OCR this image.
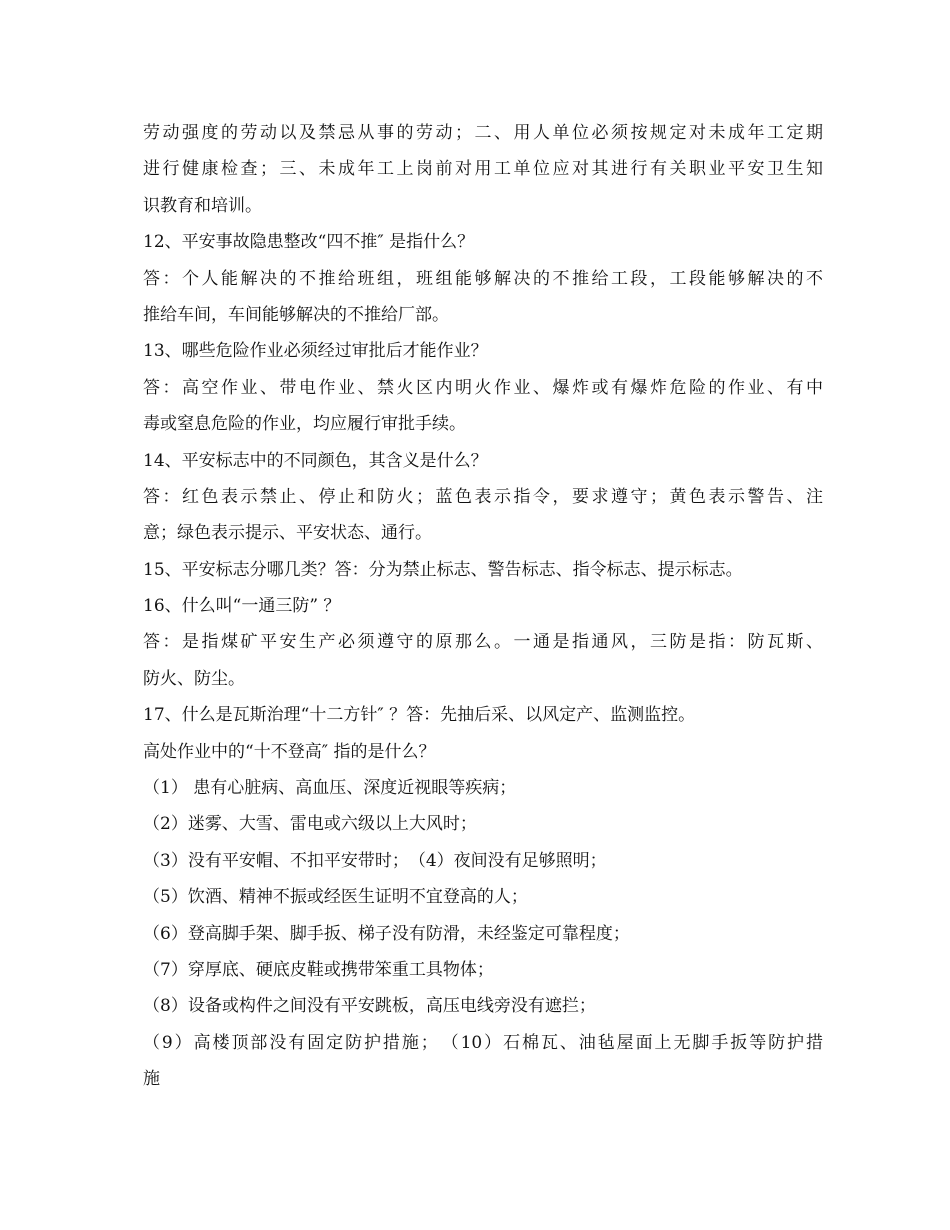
劳动强度的劳动以及禁忌从事的劳动；二、用人单位必须按规定对未成年工定期
进行健康检查；三、未成年工上岗前对用工单位应对其进行有关职业平安卫生知
识教育和培训。
12、平安事故隐患整改“四不推″ 是指什么？
答：个人能解决的不推给班组，班组能够解决的不推给工段，工段能够解决的不
推给车间，车间能够解决的不推给厂部。
13、哪些危险作业必须经过审批后才能作业？
答：高空作业、带电作业、禁火区内明火作业、爆炸或有爆炸危险的作业、有中
毒或窒息危险的作业，均应履行审批手续。
14、平安标志中的不同颜色，其含义是什么？
答：红色表示禁止、停止和防火；蓝色表示指令，要求遵守；黄色表示警告、注
意；绿色表示提示、平安状态、通行。
15、平安标志分哪几类？答：分为禁止标志、警告标志、指令标志、提示标志。
16、什么叫“一通三防” ？
答：是指煤矿平安生产必须遵守的原那么。一通是指通风，三防是指：防瓦斯、
防火、防尘。
17、什么是瓦斯治理“十二方针″ ？答：先抽后采、以风定产、监测监控。
高处作业中的“十不登高″ 指的是什么？
（1） 患有心脏病、高血压、深度近视眼等疾病；
（2）迷雾、大雪、雷电或六级以上大风时；
（3）没有平安帽、不扣平安带时；　（4）夜间没有足够照明；
（5）饮酒、精神不振或经医生证明不宜登高的人；
（6）登高脚手架、脚手扳、梯子没有防滑，未经鉴定可靠程度；
（7）穿厚底、硬底皮鞋或携带笨重工具物体；
（8）设备或构件之间没有平安跳板，高压电线旁没有遮拦；
（9）高楼顶部没有固定防护措施；　（10）石棉瓦、油毡屋面上无脚手扳等防护措
施
